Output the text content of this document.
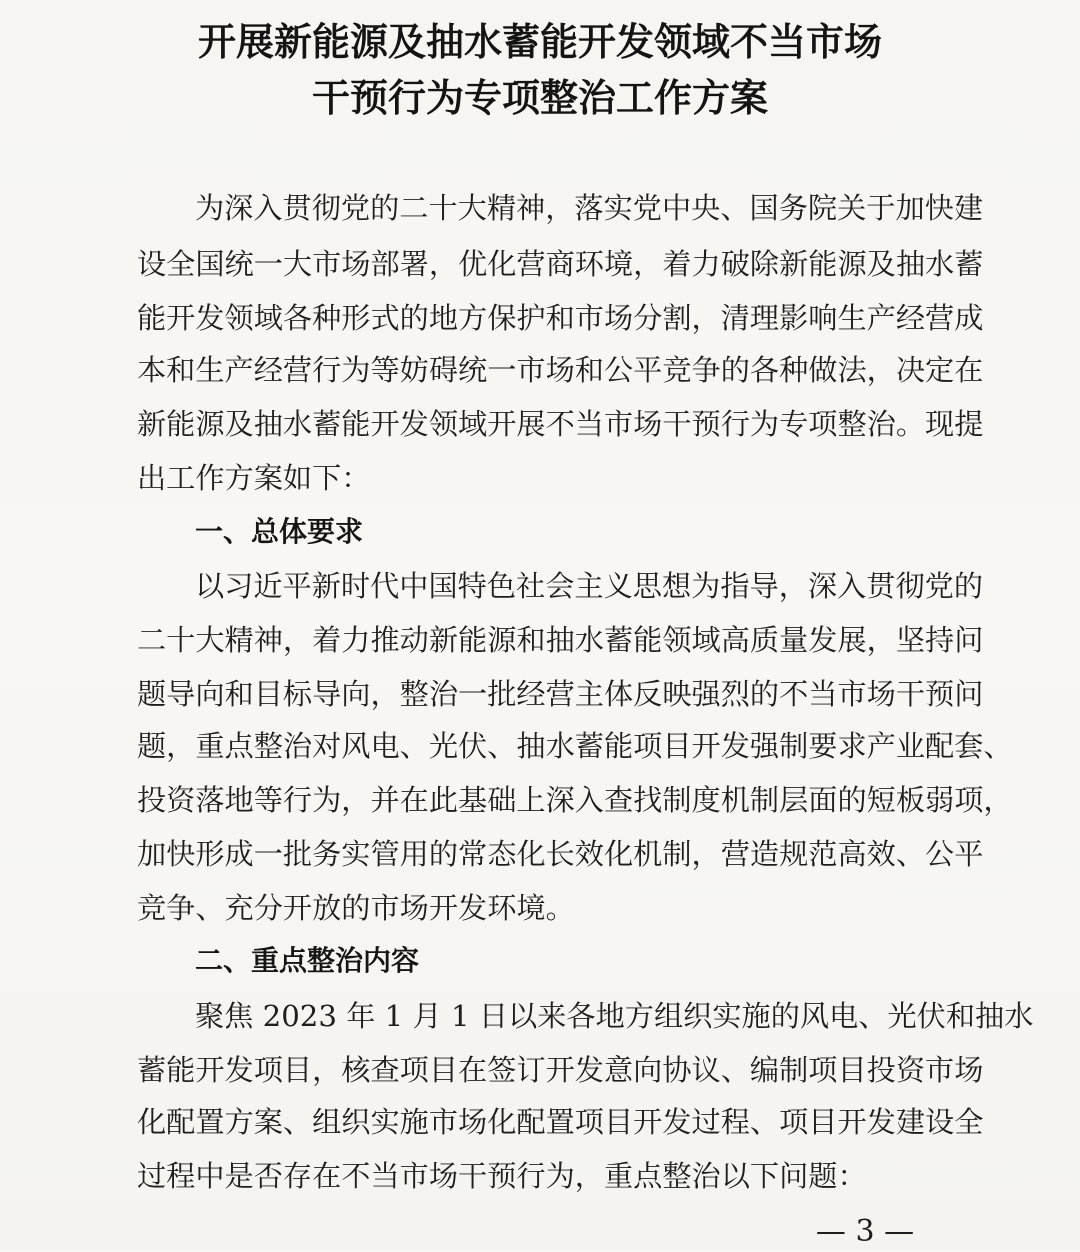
开展新能源及抽水蓄能开发领域不当市场
干预行为专项整治工作方案
为深入贯彻党的二十大精神，落实党中央、国务院关于加快建
设全国统一大市场部署，优化营商环境，着力破除新能源及抽水蓄
能开发领域各种形式的地方保护和市场分割，清理影响生产经营成
本和生产经营行为等妨碍统一市场和公平竞争的各种做法，决定在
新能源及抽水蓄能开发领域开展不当市场干预行为专项整治。现提
出工作方案如下：
一、总体要求
以习近平新时代中国特色社会主义思想为指导，深入贯彻党的
二十大精神，着力推动新能源和抽水蓄能领域高质量发展，坚持问
题导向和目标导向，整治一批经营主体反映强烈的不当市场干预问
题，重点整治对风电、光伏、抽水蓄能项目开发强制要求产业配套、
投资落地等行为，并在此基础上深入查找制度机制层面的短板弱项，
加快形成一批务实管用的常态化长效化机制，营造规范高效、公平
竞争、充分开放的市场开发环境。
二、重点整治内容
聚焦 2023 年 1 月 1 日以来各地方组织实施的风电、光伏和抽水
蓄能开发项目，核查项目在签订开发意向协议、编制项目投资市场
化配置方案、组织实施市场化配置项目开发过程、项目开发建设全
过程中是否存在不当市场干预行为，重点整治以下问题：
— 3 —
